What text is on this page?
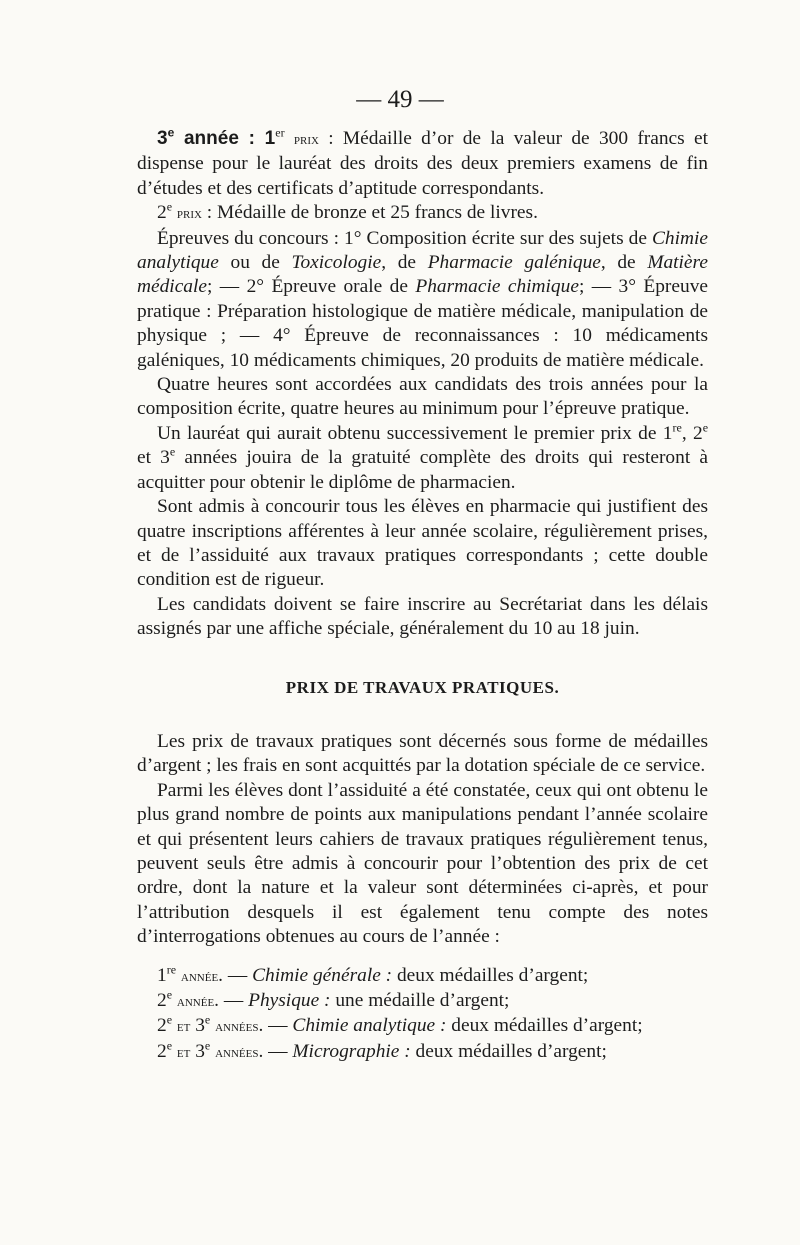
— 49 —

3e année : 1er prix : Médaille d’or de la valeur de 300 francs et dispense pour le lauréat des droits des deux premiers examens de fin d’études et des certificats d’aptitude correspondants.

2e prix : Médaille de bronze et 25 francs de livres.

Épreuves du concours : 1° Composition écrite sur des sujets de Chimie analytique ou de Toxicologie, de Pharmacie galénique, de Matière médicale; — 2° Épreuve orale de Pharmacie chimique; — 3° Épreuve pratique : Préparation histologique de matière médicale, manipulation de physique ; — 4° Épreuve de reconnaissances : 10 médicaments galéniques, 10 médicaments chimiques, 20 produits de matière médicale.

Quatre heures sont accordées aux candidats des trois années pour la composition écrite, quatre heures au minimum pour l’épreuve pratique.

Un lauréat qui aurait obtenu successivement le premier prix de 1re, 2e et 3e années jouira de la gratuité complète des droits qui resteront à acquitter pour obtenir le diplôme de pharmacien.

Sont admis à concourir tous les élèves en pharmacie qui justifient des quatre inscriptions afférentes à leur année scolaire, régulièrement prises, et de l’assiduité aux travaux pratiques correspondants ; cette double condition est de rigueur.

Les candidats doivent se faire inscrire au Secrétariat dans les délais assignés par une affiche spéciale, généralement du 10 au 18 juin.

PRIX DE TRAVAUX PRATIQUES.

Les prix de travaux pratiques sont décernés sous forme de médailles d’argent ; les frais en sont acquittés par la dotation spéciale de ce service.

Parmi les élèves dont l’assiduité a été constatée, ceux qui ont obtenu le plus grand nombre de points aux manipulations pendant l’année scolaire et qui présentent leurs cahiers de travaux pratiques régulièrement tenus, peuvent seuls être admis à concourir pour l’obtention des prix de cet ordre, dont la nature et la valeur sont déterminées ci-après, et pour l’attribution desquels il est également tenu compte des notes d’interrogations obtenues au cours de l’année :

1re année. — Chimie générale : deux médailles d’argent;

2e année. — Physique : une médaille d’argent;

2e et 3e années. — Chimie analytique : deux médailles d’argent;

2e et 3e années. — Micrographie : deux médailles d’argent;
